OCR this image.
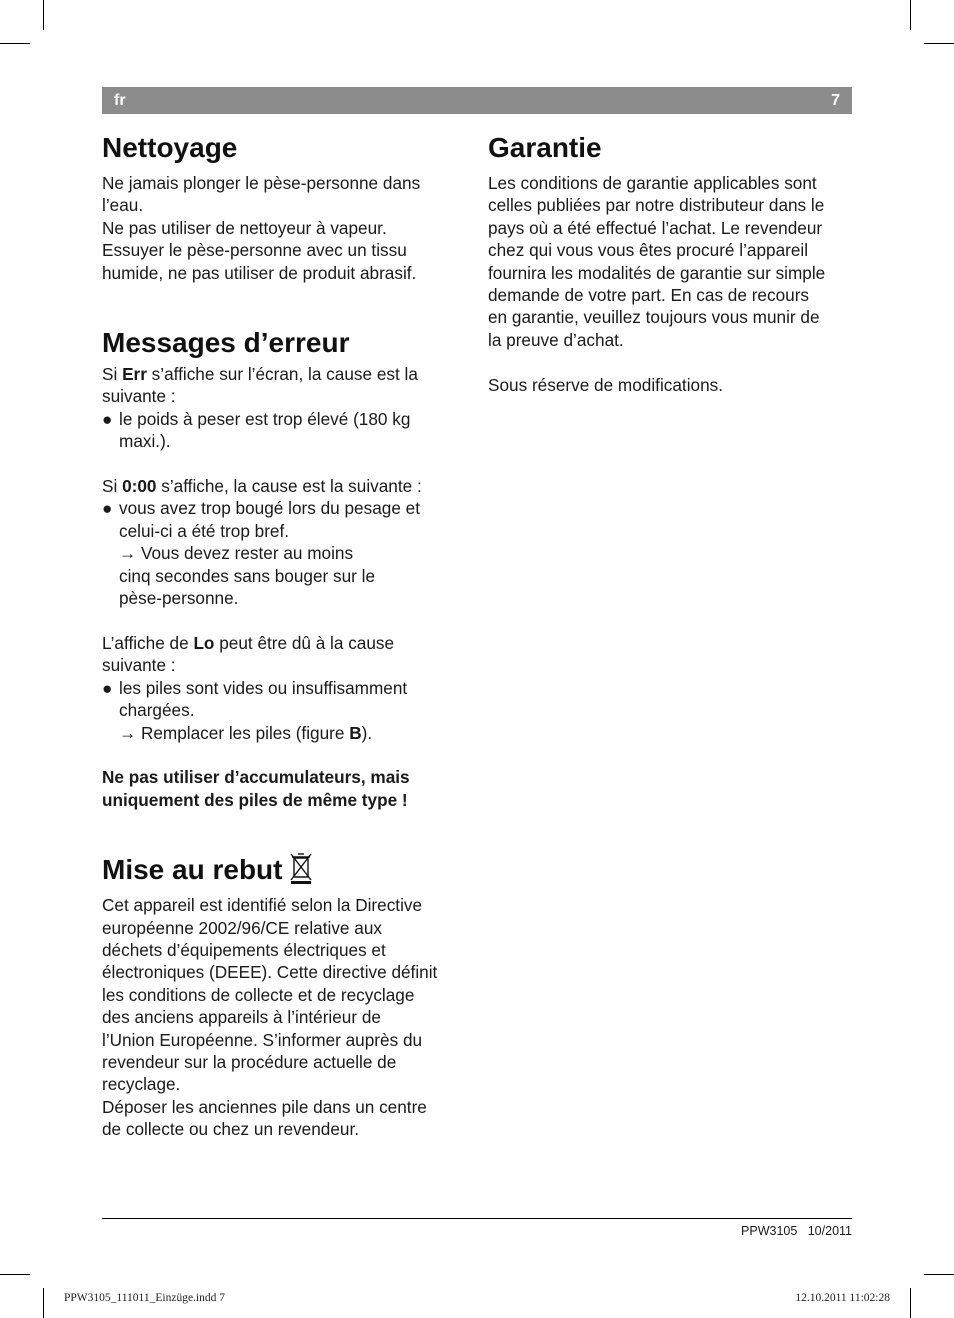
fr	7
Nettoyage

Ne jamais plonger le pèse-personne dans

l’eau.

Ne pas utiliser de nettoyeur à vapeur.

Essuyer le pèse-personne avec un tissu

humide, ne pas utiliser de produit abrasif.

Messages d’erreur

Si Err s’affiche sur l’écran, la cause est la

suivante :

● le poids à peser est trop élevé (180 kg

maxi.).

Si 0:00 s’affiche, la cause est la suivante :

● vous avez trop bougé lors du pesage et

celui-ci a été trop bref.

→ Vous devez rester au moins

cinq secondes sans bouger sur le

pèse-personne.

L’affiche de Lo peut être dû à la cause

suivante :

● les piles sont vides ou insuffisamment

chargées.

→ Remplacer les piles (figure B).

Ne pas utiliser d’accumulateurs, mais

uniquement des piles de même type !

Mise au rebut

Cet appareil est identifié selon la Directive

européenne 2002/96/CE relative aux

déchets d’équipements électriques et

électroniques (DEEE). Cette directive définit

les conditions de collecte et de recyclage

des anciens appareils à l’intérieur de

l’Union Européenne. S’informer auprès du

revendeur sur la procédure actuelle de

recyclage.

Déposer les anciennes pile dans un centre

de collecte ou chez un revendeur.

Garantie

Les conditions de garantie applicables sont

celles publiées par notre distributeur dans le

pays où a été effectué l’achat. Le revendeur

chez qui vous vous êtes procuré l’appareil

fournira les modalités de garantie sur simple

demande de votre part. En cas de recours

en garantie, veuillez toujours vous munir de

la preuve d’achat.

Sous réserve de modifications.

PPW3105 10/2011
PPW3105_111011_Einzüge.indd 7	12.10.2011 11:02:28
